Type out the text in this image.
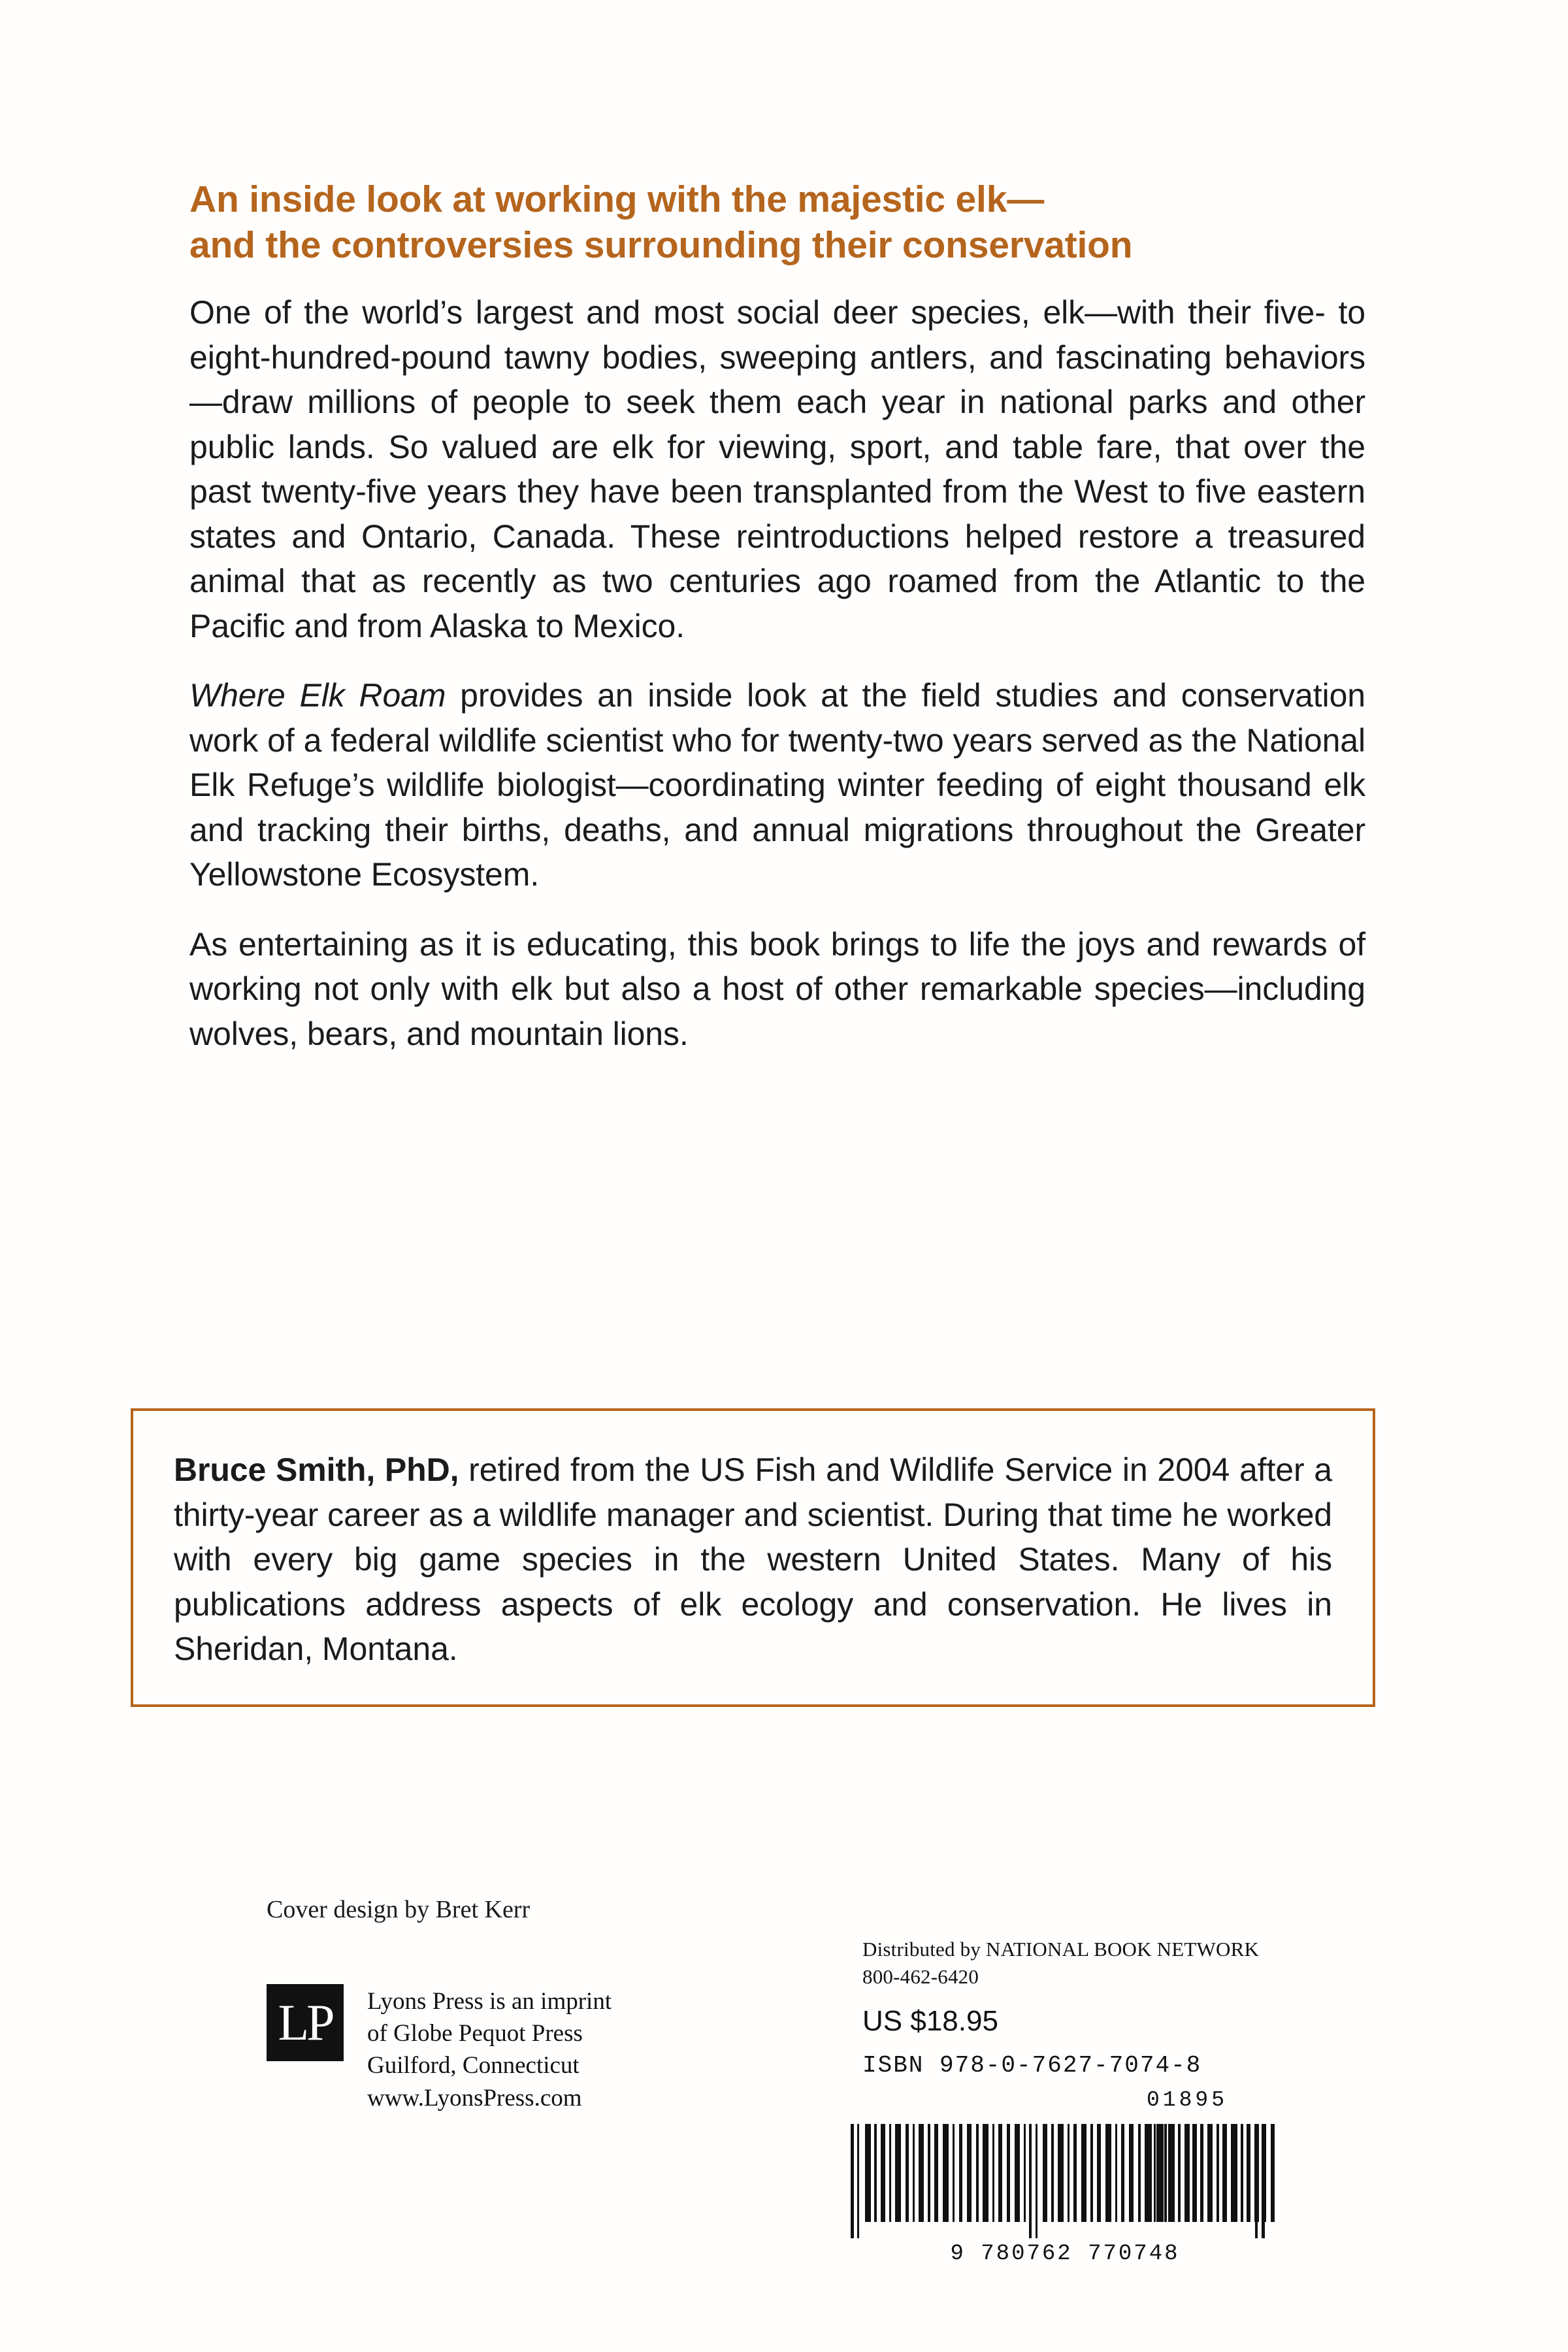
An inside look at working with the majestic elk—
and the controversies surrounding their conservation

One of the world’s largest and most social deer species, elk—with their five- to eight-hundred-pound tawny bodies, sweeping antlers, and fascinating behaviors—draw millions of people to seek them each year in national parks and other public lands. So valued are elk for viewing, sport, and table fare, that over the past twenty-five years they have been transplanted from the West to five eastern states and Ontario, Canada. These reintroductions helped restore a treasured animal that as recently as two centuries ago roamed from the Atlantic to the Pacific and from Alaska to Mexico.

Where Elk Roam provides an inside look at the field studies and conservation work of a federal wildlife scientist who for twenty-two years served as the National Elk Refuge’s wildlife biologist—coordinating winter feeding of eight thousand elk and tracking their births, deaths, and annual migrations throughout the Greater Yellowstone Ecosystem.

As entertaining as it is educating, this book brings to life the joys and rewards of working not only with elk but also a host of other remarkable species—including wolves, bears, and mountain lions.

Bruce Smith, PhD, retired from the US Fish and Wildlife Service in 2004 after a thirty-year career as a wildlife manager and scientist. During that time he worked with every big game species in the western United States. Many of his publications address aspects of elk ecology and conservation. He lives in Sheridan, Montana.

Cover design by Bret Kerr
LP	Lyons Press is an imprint
of Globe Pequot Press
Guilford, Connecticut
www.LyonsPress.com
Distributed by NATIONAL BOOK NETWORK
800-462-6420
US $18.95
ISBN 978-0-7627-7074-8
01895
9 780762 770748
